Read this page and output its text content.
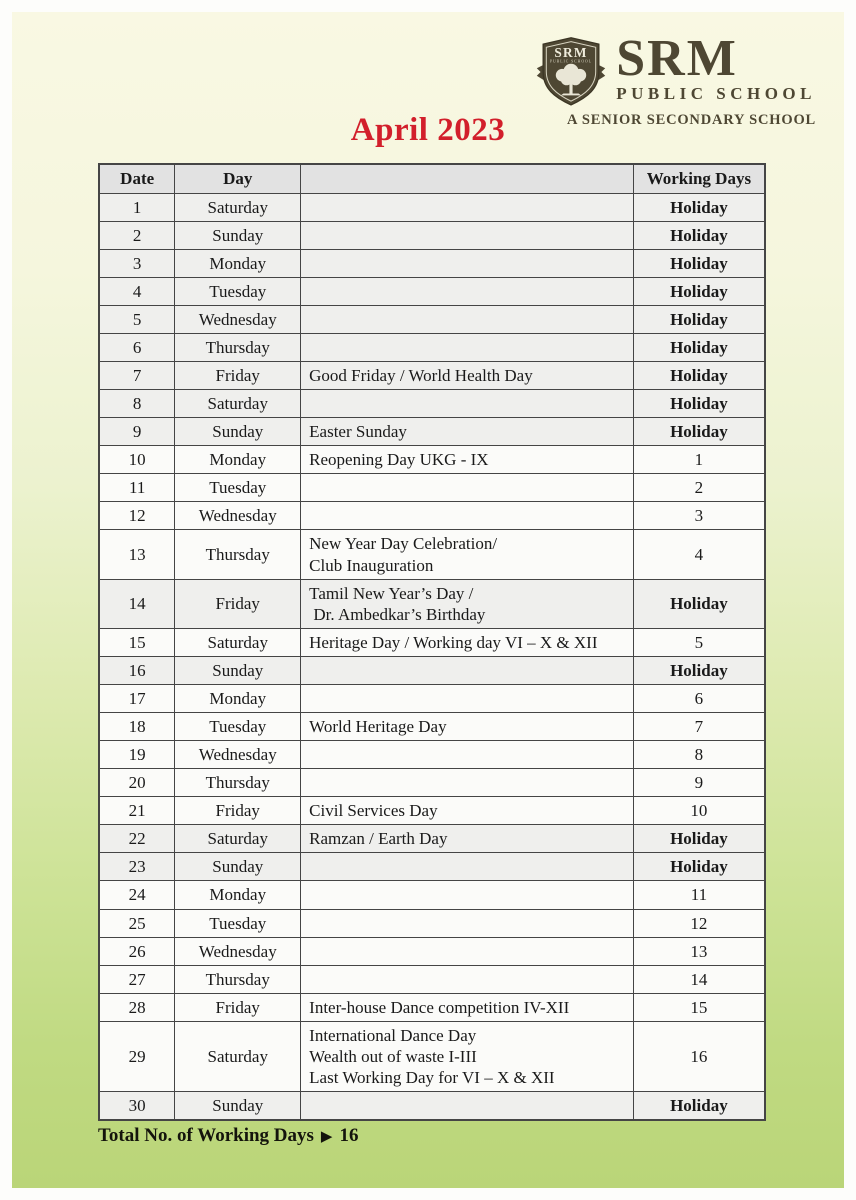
SRM
PUBLIC SCHOOL SRM
PUBLIC SCHOOL
A SENIOR SECONDARY SCHOOL
April 2023
Date	Day		Working Days
1	Saturday		Holiday
2	Sunday		Holiday
3	Monday		Holiday
4	Tuesday		Holiday
5	Wednesday		Holiday
6	Thursday		Holiday
7	Friday	Good Friday / World Health Day	Holiday
8	Saturday		Holiday
9	Sunday	Easter Sunday	Holiday
10	Monday	Reopening Day UKG - IX	1
11	Tuesday		2
12	Wednesday		3
13	Thursday	New Year Day Celebration/
Club Inauguration	4
14	Friday	Tamil New Year’s Day /
Dr. Ambedkar’s Birthday	Holiday
15	Saturday	Heritage Day / Working day VI – X & XII	5
16	Sunday		Holiday
17	Monday		6
18	Tuesday	World Heritage Day	7
19	Wednesday		8
20	Thursday		9
21	Friday	Civil Services Day	10
22	Saturday	Ramzan / Earth Day	Holiday
23	Sunday		Holiday
24	Monday		11
25	Tuesday		12
26	Wednesday		13
27	Thursday		14
28	Friday	Inter-house Dance competition IV-XII	15
29	Saturday	International Dance Day
Wealth out of waste I-III
Last Working Day for VI – X & XII	16
30	Sunday		Holiday
Total No. of Working Days ▶ 16
